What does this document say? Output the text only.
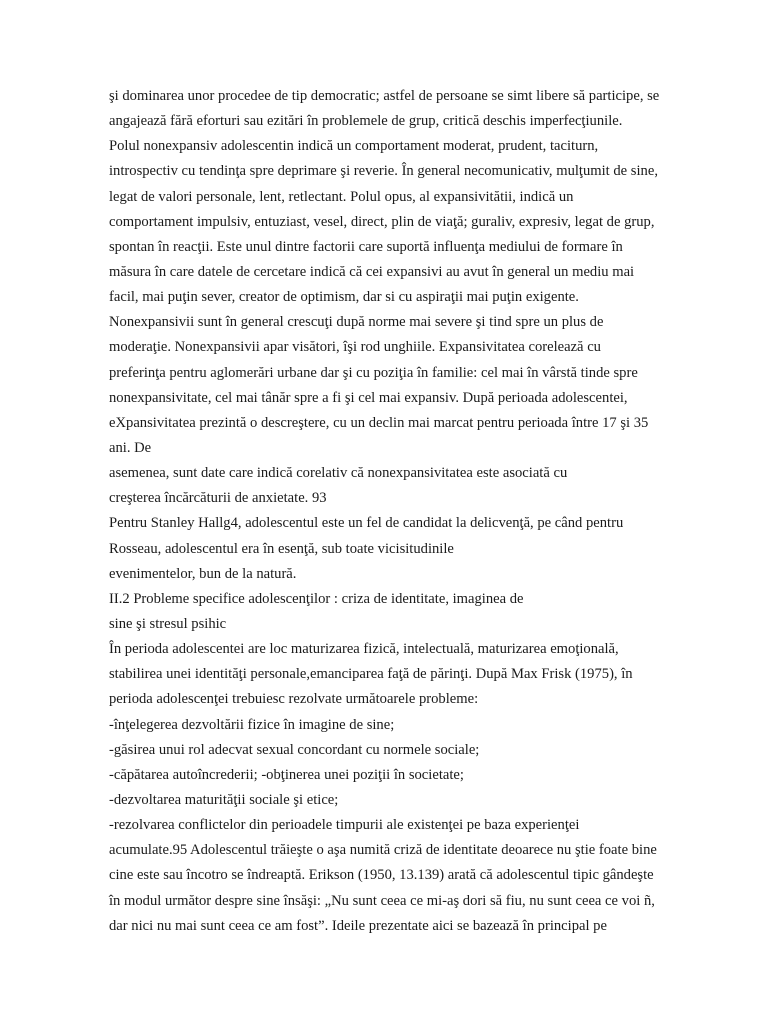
şi dominarea unor procedee de tip democratic; astfel de persoane se simt libere să participe, se
angajează fără eforturi sau ezitări în problemele de grup, critică deschis imperfecţiunile.
Polul nonexpansiv adolescentin indică un comportament moderat, prudent, taciturn,
introspectiv cu tendinţa spre deprimare şi reverie. În general necomunicativ, mulţumit de sine,
legat de valori personale, lent, retlectant. Polul opus, al expansivitătii, indică un
comportament impulsiv, entuziast, vesel, direct, plin de viaţă; guraliv, expresiv, legat de grup,
spontan în reacţii. Este unul dintre factorii care suportă influenţa mediului de formare în
măsura în care datele de cercetare indică că cei expansivi au avut în general un mediu mai
facil, mai puţin sever, creator de optimism, dar si cu aspiraţii mai puţin exigente.
Nonexpansivii sunt în general crescuţi după norme mai severe şi tind spre un plus de
moderaţie. Nonexpansivii apar visători, îşi rod unghiile. Expansivitatea corelează cu
preferinţa pentru aglomerări urbane dar şi cu poziţia în familie: cel mai în vârstă tinde spre
nonexpansivitate, cel mai tânăr spre a fi şi cel mai expansiv. După perioada adolescentei,
eXpansivitatea prezintă o descreştere, cu un declin mai marcat pentru perioada între 17 şi 35
ani. De
asemenea, sunt date care indică corelativ că nonexpansivitatea este asociată cu
creşterea încărcăturii de anxietate. 93
Pentru Stanley Hallg4, adolescentul este un fel de candidat la delicvenţă, pe când pentru
Rosseau, adolescentul era în esenţă, sub toate vicisitudinile
evenimentelor, bun de la natură.
II.2 Probleme specifice adolescenţilor : criza de identitate, imaginea de
sine şi stresul psihic
În perioda adolescentei are loc maturizarea fizică, intelectuală, maturizarea emoţională,
stabilirea unei identităţi personale,emanciparea faţă de părinţi. După Max Frisk (1975), în
perioda adolescenţei trebuiesc rezolvate următoarele probleme:
-înţelegerea dezvoltării fizice în imagine de sine;
-găsirea unui rol adecvat sexual concordant cu normele sociale;
-căpătarea autoîncrederii; -obţinerea unei poziţii în societate;
-dezvoltarea maturităţii sociale şi etice;
-rezolvarea conflictelor din perioadele timpurii ale existenţei pe baza experienţei
acumulate.95 Adolescentul trăieşte o aşa numită criză de identitate deoarece nu ştie foate bine
cine este sau încotro se îndreaptă. Erikson (1950, 13.139) arată că adolescentul tipic gândeşte
în modul următor despre sine însăşi: „Nu sunt ceea ce mi-aş dori să fiu, nu sunt ceea ce voi ñ,
dar nici nu mai sunt ceea ce am fost”. Ideile prezentate aici se bazează în principal pe
